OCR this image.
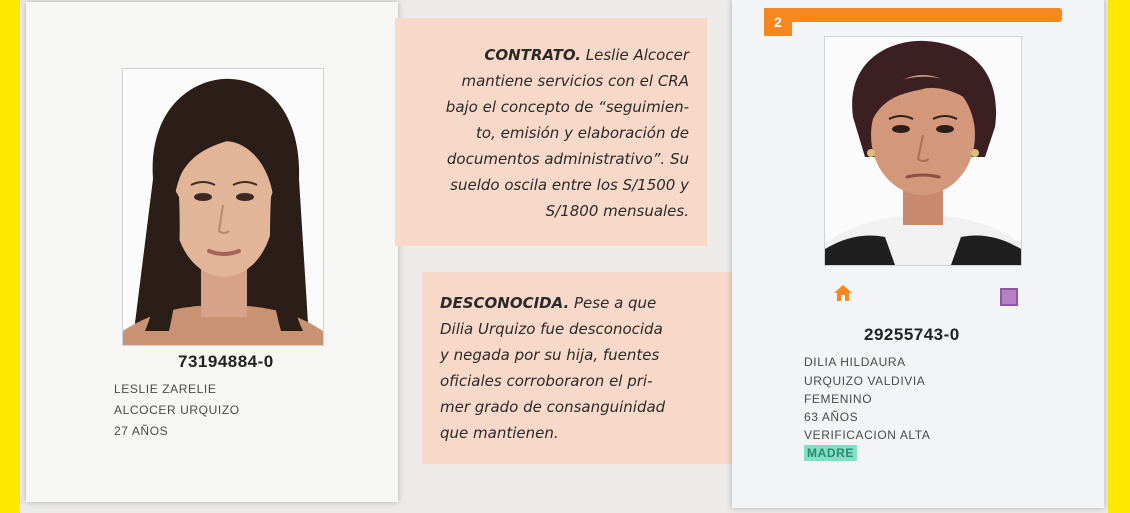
73194884-0
LESLIE ZARELIE
ALCOCER URQUIZO
27 AÑOS
CONTRATO. Leslie Alcocer
mantiene servicios con el CRA
bajo el concepto de “seguimien-
to, emisión y elaboración de
documentos administrativo”. Su
sueldo oscila entre los S/1500 y
S/1800 mensuales.
DESCONOCIDA. Pese a que
Dilia Urquizo fue desconocida
y negada por su hija, fuentes
oficiales corroboraron el pri-
mer grado de consanguinidad
que mantienen.
2
29255743-0
DILIA HILDAURA
URQUIZO VALDIVIA
FEMENINO
63 AÑOS
VERIFICACION ALTA
MADRE
